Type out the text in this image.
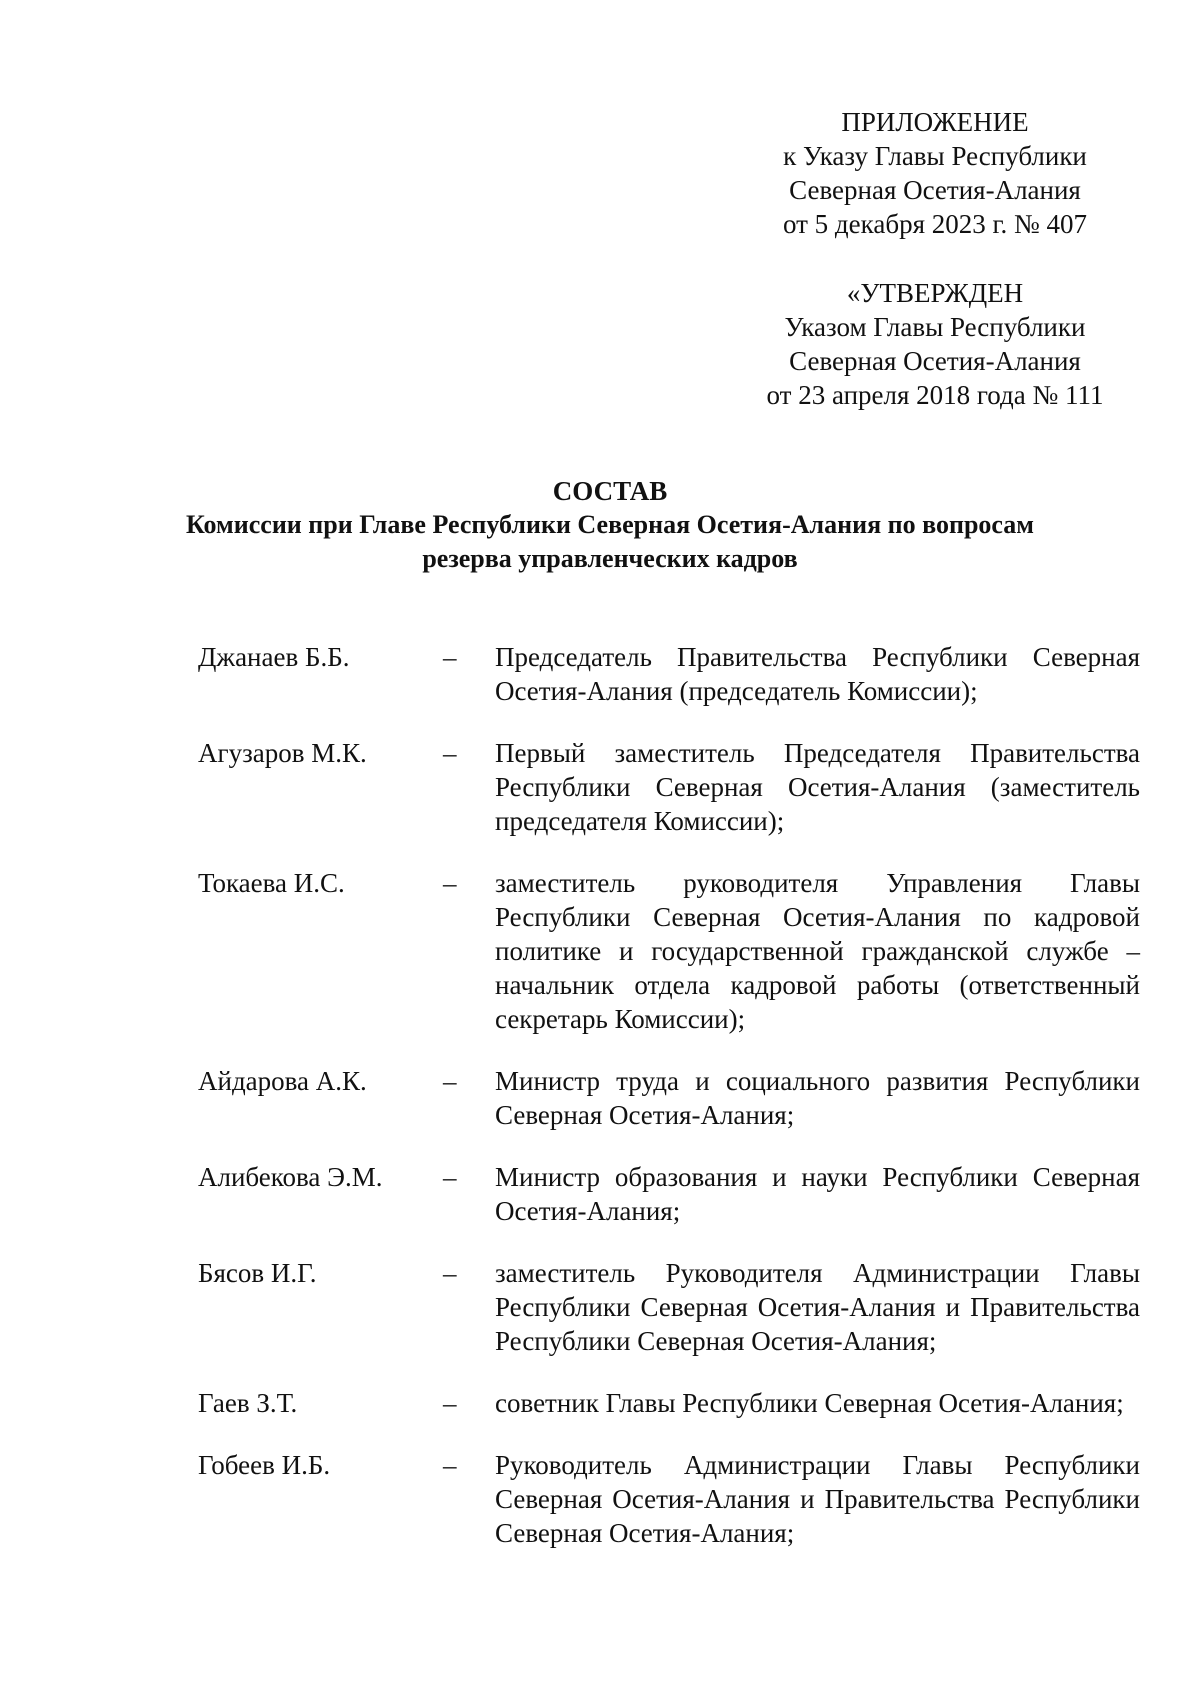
ПРИЛОЖЕНИЕ
к Указу Главы Республики
Северная Осетия-Алания
от 5 декабря 2023 г. № 407
«УТВЕРЖДЕН
Указом Главы Республики
Северная Осетия-Алания
от 23 апреля 2018 года № 111
СОСТАВ
Комиссии при Главе Республики Северная Осетия-Алания по вопросам
резерва управленческих кадров
Джанаев Б.Б.	–	Председатель Правительства Республики Северная Осетия-Алания (председатель Комиссии);
Агузаров М.К.	–	Первый заместитель Председателя Правительства Республики Северная Осетия-Алания (заместитель председателя Комиссии);
Токаева И.С.	–	заместитель руководителя Управления Главы Республики Северная Осетия-Алания по кадровой политике и государственной гражданской службе – начальник отдела кадровой работы (ответственный секретарь Комиссии);
Айдарова А.К.	–	Министр труда и социального развития Республики Северная Осетия-Алания;
Алибекова Э.М.	–	Министр образования и науки Республики Северная Осетия-Алания;
Бясов И.Г.	–	заместитель Руководителя Администрации Главы Республики Северная Осетия-Алания и Правительства Республики Северная Осетия-Алания;
Гаев З.Т.	–	советник Главы Республики Северная Осетия-Алания;
Гобеев И.Б.	–	Руководитель Администрации Главы Республики Северная Осетия-Алания и Правительства Республики Северная Осетия-Алания;
